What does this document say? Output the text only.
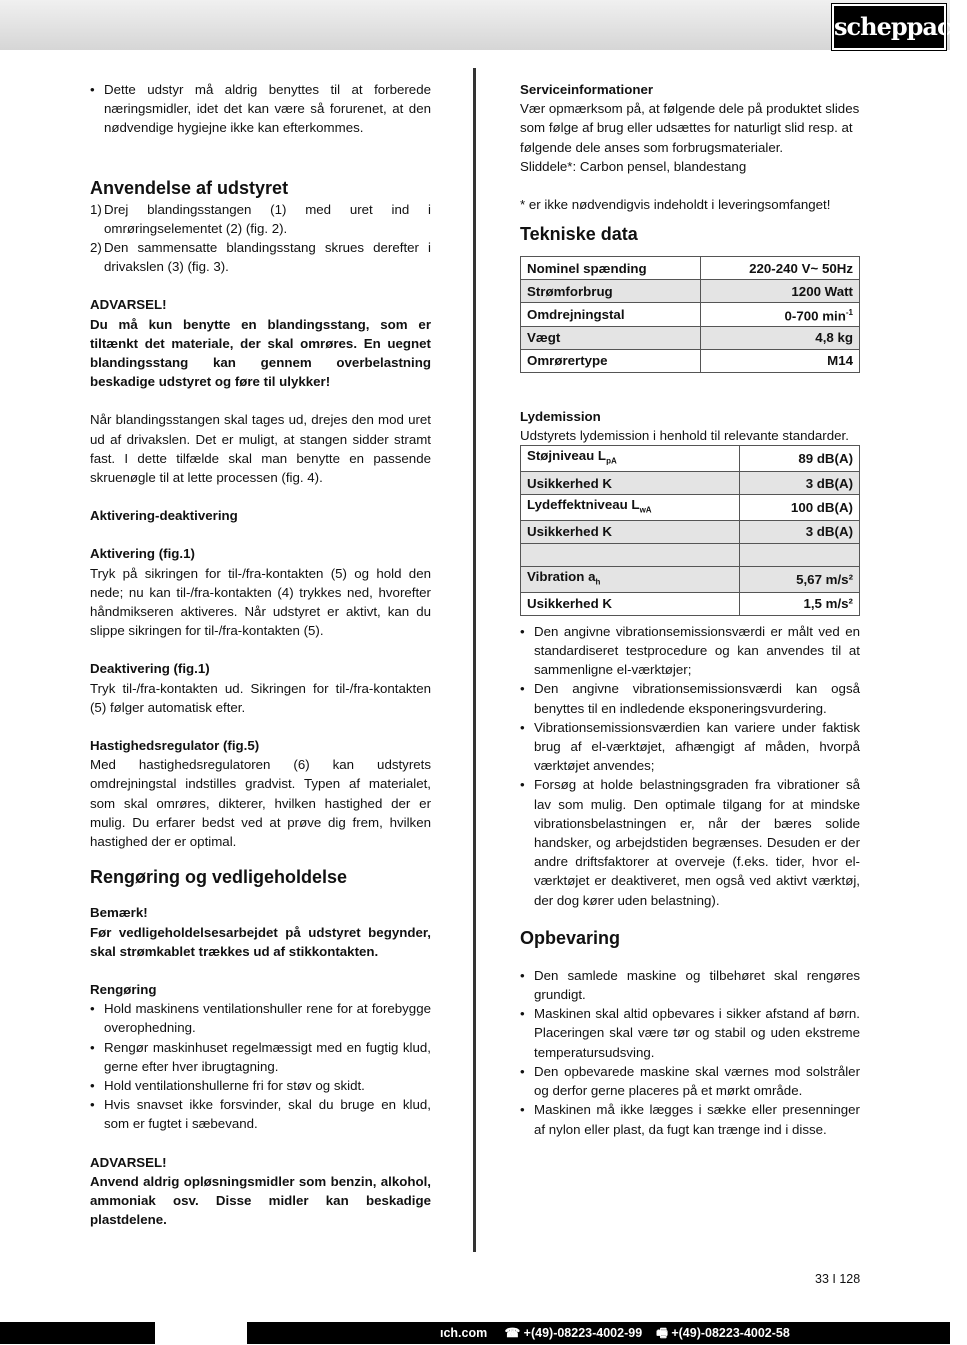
scheppach
• Dette udstyr må aldrig benyttes til at forberede næringsmidler, idet det kan være så forurenet, at den nødvendige hygiejne ikke kan efterkommes.
Anvendelse af udstyret
1) Drej blandingsstangen (1) med uret ind i omrøringselementet (2) (fig. 2).
2) Den sammensatte blandingsstang skrues derefter i drivakslen (3) (fig. 3).

ADVARSEL!

Du må kun benytte en blandingsstang, som er tiltænkt det materiale, der skal omrøres. En uegnet blandingsstang kan gennem overbelastning beskadige udstyret og føre til ulykker!

Når blandingsstangen skal tages ud, drejes den mod uret ud af drivakslen. Det er muligt, at stangen sidder stramt fast. I dette tilfælde skal man benytte en passende skruenøgle til at lette processen (fig. 4).

Aktivering-deaktivering

Aktivering (fig.1)

Tryk på sikringen for til-/fra-kontakten (5) og hold den nede; nu kan til-/fra-kontakten (4) trykkes ned, hvorefter håndmikseren aktiveres. Når udstyret er aktivt, kan du slippe sikringen for til-/fra-kontakten (5).

Deaktivering (fig.1)

Tryk til-/fra-kontakten ud. Sikringen for til-/fra-kontakten (5) følger automatisk efter.

Hastighedsregulator (fig.5)

Med hastighedsregulatoren (6) kan udstyrets omdrejningstal indstilles gradvist. Typen af materialet, som skal omrøres, dikterer, hvilken hastighed der er mulig. Du erfarer bedst ved at prøve dig frem, hvilken hastighed der er optimal.

Rengøring og vedligeholdelse

Bemærk!

Før vedligeholdelsesarbejdet på udstyret begynder, skal strømkablet trækkes ud af stikkontakten.

Rengøring

• Hold maskinens ventilationshuller rene for at forebygge overophedning.
• Rengør maskinhuset regelmæssigt med en fugtig klud, gerne efter hver ibrugtagning.
• Hold ventilationshullerne fri for støv og skidt.
• Hvis snavset ikke forsvinder, skal du bruge en klud, som er fugtet i sæbevand.

ADVARSEL!

Anvend aldrig opløsningsmidler som benzin, alkohol, ammoniak osv. Disse midler kan beskadige plastdelene.

Serviceinformationer

Vær opmærksom på, at følgende dele på produktet slides som følge af brug eller udsættes for naturligt slid resp. at følgende dele anses som forbrugsmaterialer.

Sliddele*: Carbon pensel, blandestang

* er ikke nødvendigvis indeholdt i leveringsomfanget!

Tekniske data
Nominel spænding	220-240 V~ 50Hz
Strømforbrug	1200 Watt
Omdrejningstal	0-700 $\min^{-1}$
Vægt	4,8 kg
Omrørertype	M14

Lydemission

Udstyrets lydemission i henhold til relevante standarder.

Støjniveau $L_{pA}$	89 dB(A)
Usikkerhed K	3 dB(A)
Lydeffektniveau $L_{wA}$	100 dB(A)
Usikkerhed K	3 dB(A)

Vibration $a_h$	5,67 m/s²
Usikkerhed K	1,5 m/s²
• Den angivne vibrationsemissionsværdi er målt ved en standardiseret testprocedure og kan anvendes til at sammenligne el-værktøjer;
• Den angivne vibrationsemissionsværdi kan også benyttes til en indledende eksponeringsvurdering.
• Vibrationsemissionsværdien kan variere under faktisk brug af el-værktøjet, afhængigt af måden, hvorpå værktøjet anvendes;
• Forsøg at holde belastningsgraden fra vibrationer så lav som mulig. Den optimale tilgang for at mindske vibrationsbelastningen er, når der bæres solide handsker, og arbejdstiden begrænses. Desuden er der andre driftsfaktorer at overveje (f.eks. tider, hvor el-værktøjet er deaktiveret, men også ved aktivt værktøj, der dog kører uden belastning).
Opbevaring
• Den samlede maskine og tilbehøret skal rengøres grundigt.
• Maskinen skal altid opbevares i sikker afstand af børn. Placeringen skal være tør og stabil og uden ekstreme temperatursudsving.
• Den opbevarede maskine skal værnes mod solstråler og derfor gerne placeres på et mørkt område.
• Maskinen må ikke lægges i sække eller presenninger af nylon eller plast, da fugt kan trænge ind i disse.
33 I 128
ıch.com ☎ +(49)-08223-4002-99 🖷 +(49)-08223-4002-58
